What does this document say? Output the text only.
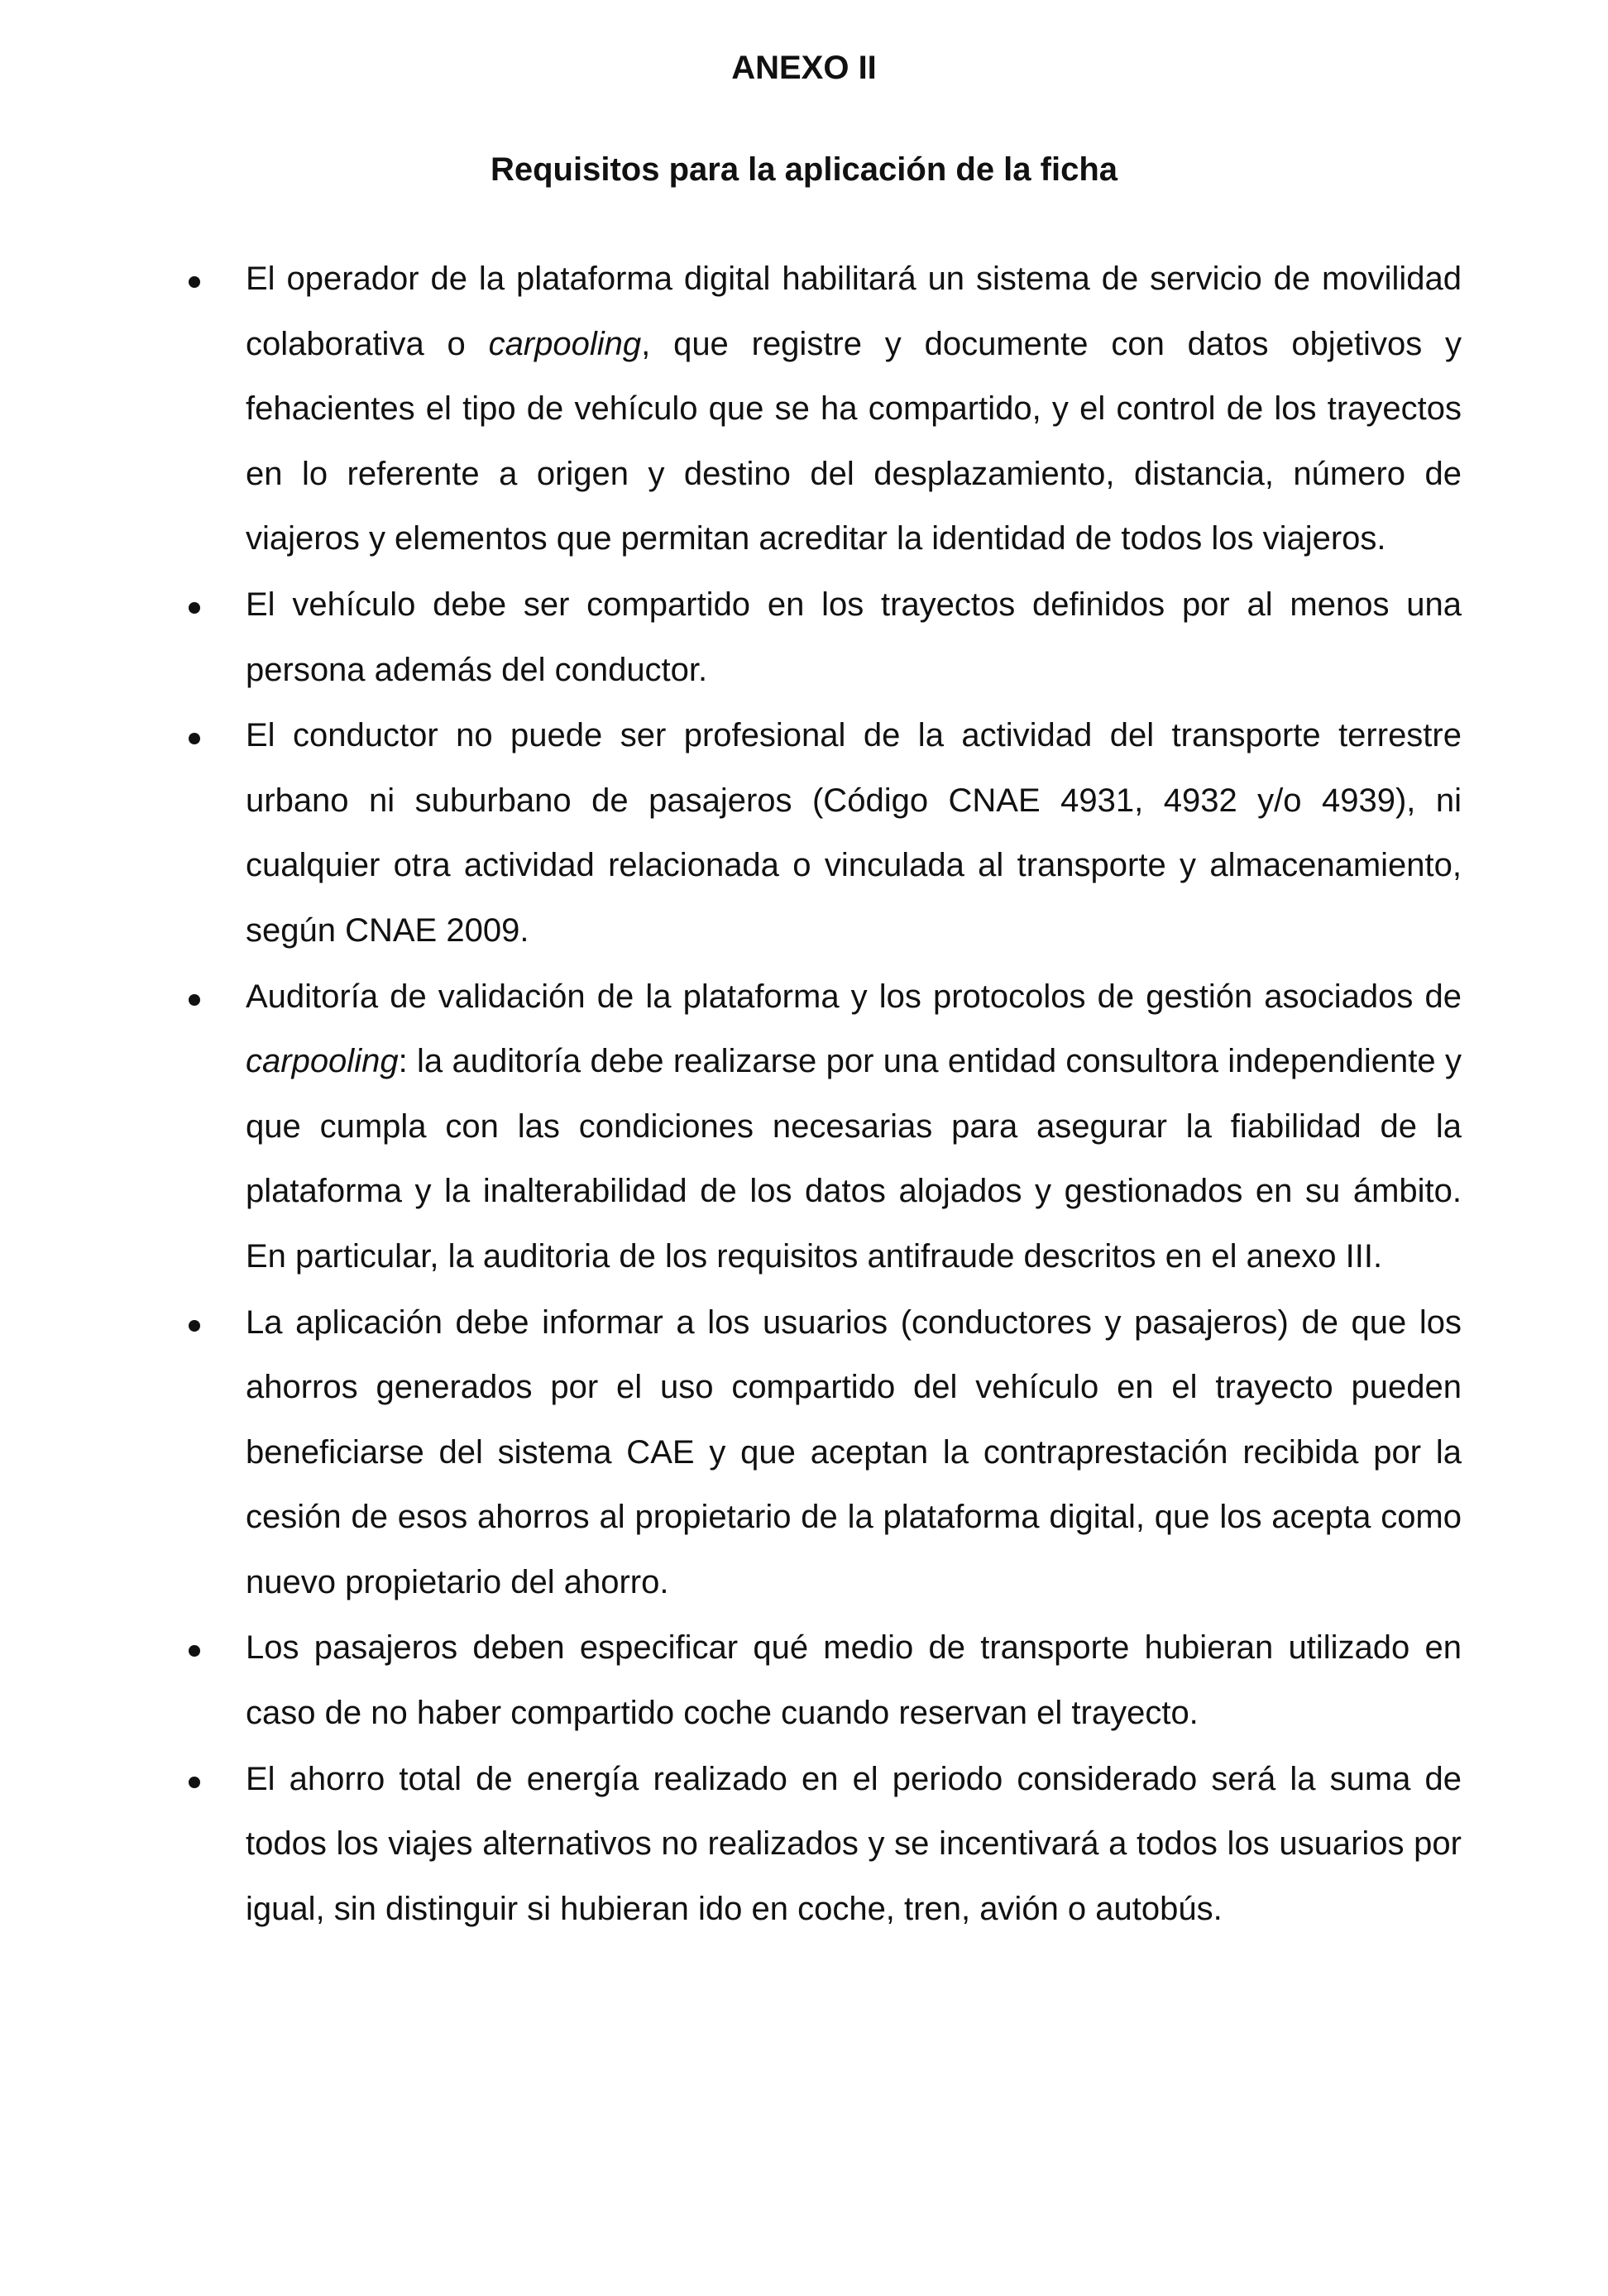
ANEXO II
Requisitos para la aplicación de la ficha

El operador de la plataforma digital habilitará un sistema de servicio de movilidad colaborativa o carpooling, que registre y documente con datos objetivos y fehacientes el tipo de vehículo que se ha compartido, y el control de los trayectos en lo referente a origen y destino del desplazamiento, distancia, número de viajeros y elementos que permitan acreditar la identidad de todos los viajeros.

El vehículo debe ser compartido en los trayectos definidos por al menos una persona además del conductor.

El conductor no puede ser profesional de la actividad del transporte terrestre urbano ni suburbano de pasajeros (Código CNAE 4931, 4932 y/o 4939), ni cualquier otra actividad relacionada o vinculada al transporte y almacenamiento, según CNAE 2009.

Auditoría de validación de la plataforma y los protocolos de gestión asociados de carpooling: la auditoría debe realizarse por una entidad consultora independiente y que cumpla con las condiciones necesarias para asegurar la fiabilidad de la plataforma y la inalterabilidad de los datos alojados y gestionados en su ámbito. En particular, la auditoria de los requisitos antifraude descritos en el anexo III.

La aplicación debe informar a los usuarios (conductores y pasajeros) de que los ahorros generados por el uso compartido del vehículo en el trayecto pueden beneficiarse del sistema CAE y que aceptan la contraprestación recibida por la cesión de esos ahorros al propietario de la plataforma digital, que los acepta como nuevo propietario del ahorro.

Los pasajeros deben especificar qué medio de transporte hubieran utilizado en caso de no haber compartido coche cuando reservan el trayecto.

El ahorro total de energía realizado en el periodo considerado será la suma de todos los viajes alternativos no realizados y se incentivará a todos los usuarios por igual, sin distinguir si hubieran ido en coche, tren, avión o autobús.
